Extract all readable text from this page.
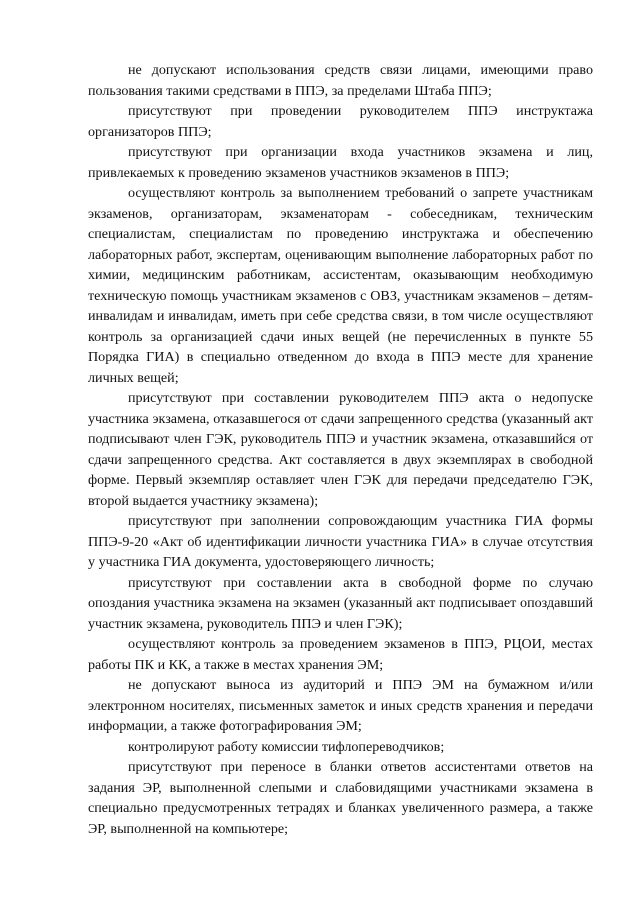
не допускают использования средств связи лицами, имеющими право пользования такими средствами в ППЭ, за пределами Штаба ППЭ;

присутствуют при проведении руководителем ППЭ инструктажа организаторов ППЭ;

присутствуют при организации входа участников экзамена и лиц, привлекаемых к проведению экзаменов участников экзаменов в ППЭ;

осуществляют контроль за выполнением требований о запрете участникам экзаменов, организаторам, экзаменаторам - собеседникам, техническим специалистам, специалистам по проведению инструктажа и обеспечению лабораторных работ, экспертам, оценивающим выполнение лабораторных работ по химии, медицинским работникам, ассистентам, оказывающим необходимую техническую помощь участникам экзаменов с ОВЗ, участникам экзаменов – детям-инвалидам и инвалидам, иметь при себе средства связи, в том числе осуществляют контроль за организацией сдачи иных вещей (не перечисленных в пункте 55 Порядка ГИА) в специально отведенном до входа в ППЭ месте для хранение личных вещей;

присутствуют при составлении руководителем ППЭ акта о недопуске участника экзамена, отказавшегося от сдачи запрещенного средства (указанный акт подписывают член ГЭК, руководитель ППЭ и участник экзамена, отказавшийся от сдачи запрещенного средства. Акт составляется в двух экземплярах в свободной форме. Первый экземпляр оставляет член ГЭК для передачи председателю ГЭК, второй выдается участнику экзамена);

присутствуют при заполнении сопровождающим участника ГИА формы ППЭ-9-20 «Акт об идентификации личности участника ГИА» в случае отсутствия у участника ГИА документа, удостоверяющего личность;

присутствуют при составлении акта в свободной форме по случаю опоздания участника экзамена на экзамен (указанный акт подписывает опоздавший участник экзамена, руководитель ППЭ и член ГЭК);

осуществляют контроль за проведением экзаменов в ППЭ, РЦОИ, местах работы ПК и КК, а также в местах хранения ЭМ;

не допускают выноса из аудиторий и ППЭ ЭМ на бумажном и/или электронном носителях, письменных заметок и иных средств хранения и передачи информации, а также фотографирования ЭМ;

контролируют работу комиссии тифлопереводчиков;

присутствуют при переносе в бланки ответов ассистентами ответов на задания ЭР, выполненной слепыми и слабовидящими участниками экзамена в специально предусмотренных тетрадях и бланках увеличенного размера, а также ЭР, выполненной на компьютере;
